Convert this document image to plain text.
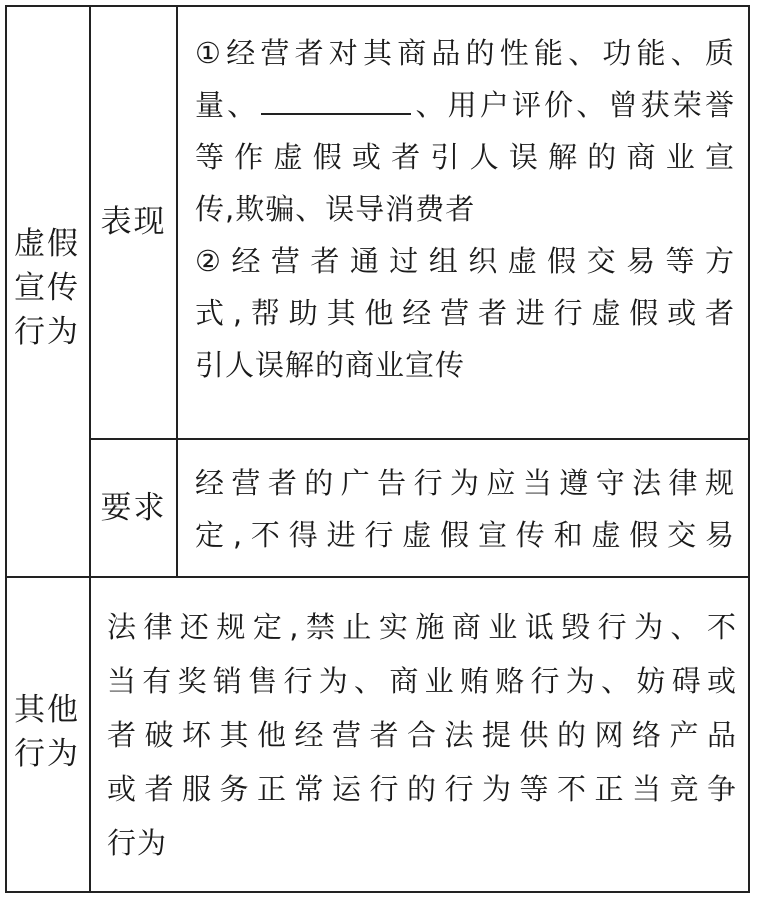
虚假
宣传
行为
表现
①经营者对其商品的性能、功能、质
量、	、用户评价、曾获荣誉
等作虚假或者引人误解的商业宣
传,欺骗、误导消费者
②经营者通过组织虚假交易等方
式,帮助其他经营者进行虚假或者
引人误解的商业宣传
要求
经营者的广告行为应当遵守法律规
定,不得进行虚假宣传和虚假交易
其他
行为
法律还规定,禁止实施商业诋毁行为、不
当有奖销售行为、商业贿赂行为、妨碍或
者破坏其他经营者合法提供的网络产品
或者服务正常运行的行为等不正当竞争
行为
